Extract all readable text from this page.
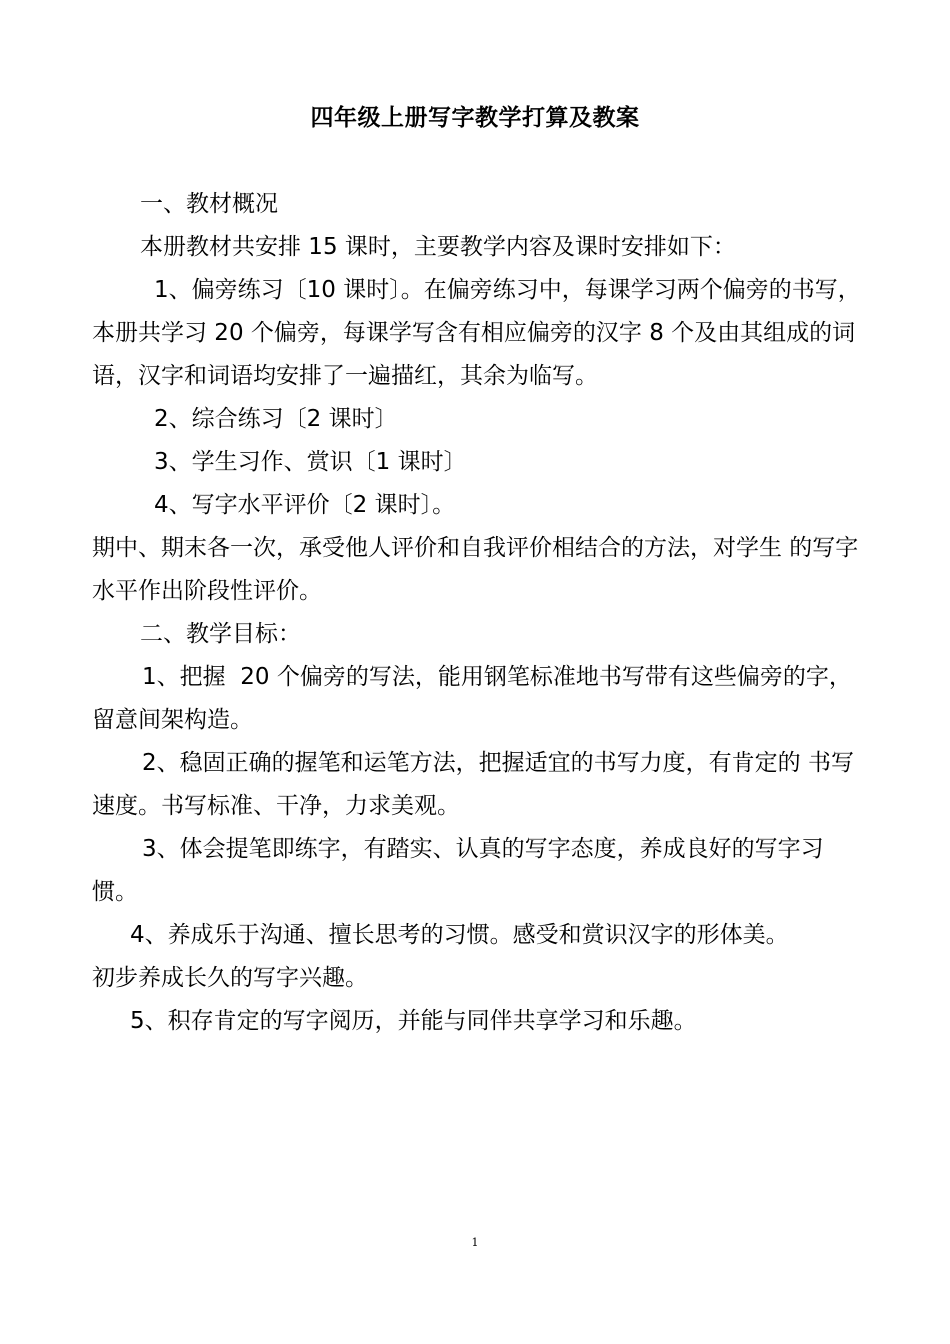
四年级上册写字教学打算及教案

一、教材概况

本册教材共安排 15 课时，主要教学内容及课时安排如下：

1、偏旁练习〔10 课时〕。在偏旁练习中，每课学习两个偏旁的书写，本册共学习 20 个偏旁，每课学写含有相应偏旁的汉字 8 个及由其组成的词语，汉字和词语均安排了一遍描红，其余为临写。

2、综合练习〔2 课时〕

3、学生习作、赏识〔1 课时〕

4、写字水平评价〔2 课时〕。

期中、期末各一次，承受他人评价和自我评价相结合的方法，对学生 的写字水平作出阶段性评价。

二、教学目标：

1、把握  20 个偏旁的写法，能用钢笔标准地书写带有这些偏旁的字，留意间架构造。

2、稳固正确的握笔和运笔方法，把握适宜的书写力度，有肯定的 书写速度。书写标准、干净，力求美观。

3、体会提笔即练字，有踏实、认真的写字态度，养成良好的写字习惯。

4、养成乐于沟通、擅长思考的习惯。感受和赏识汉字的形体美。

初步养成长久的写字兴趣。

5、积存肯定的写字阅历，并能与同伴共享学习和乐趣。

1
